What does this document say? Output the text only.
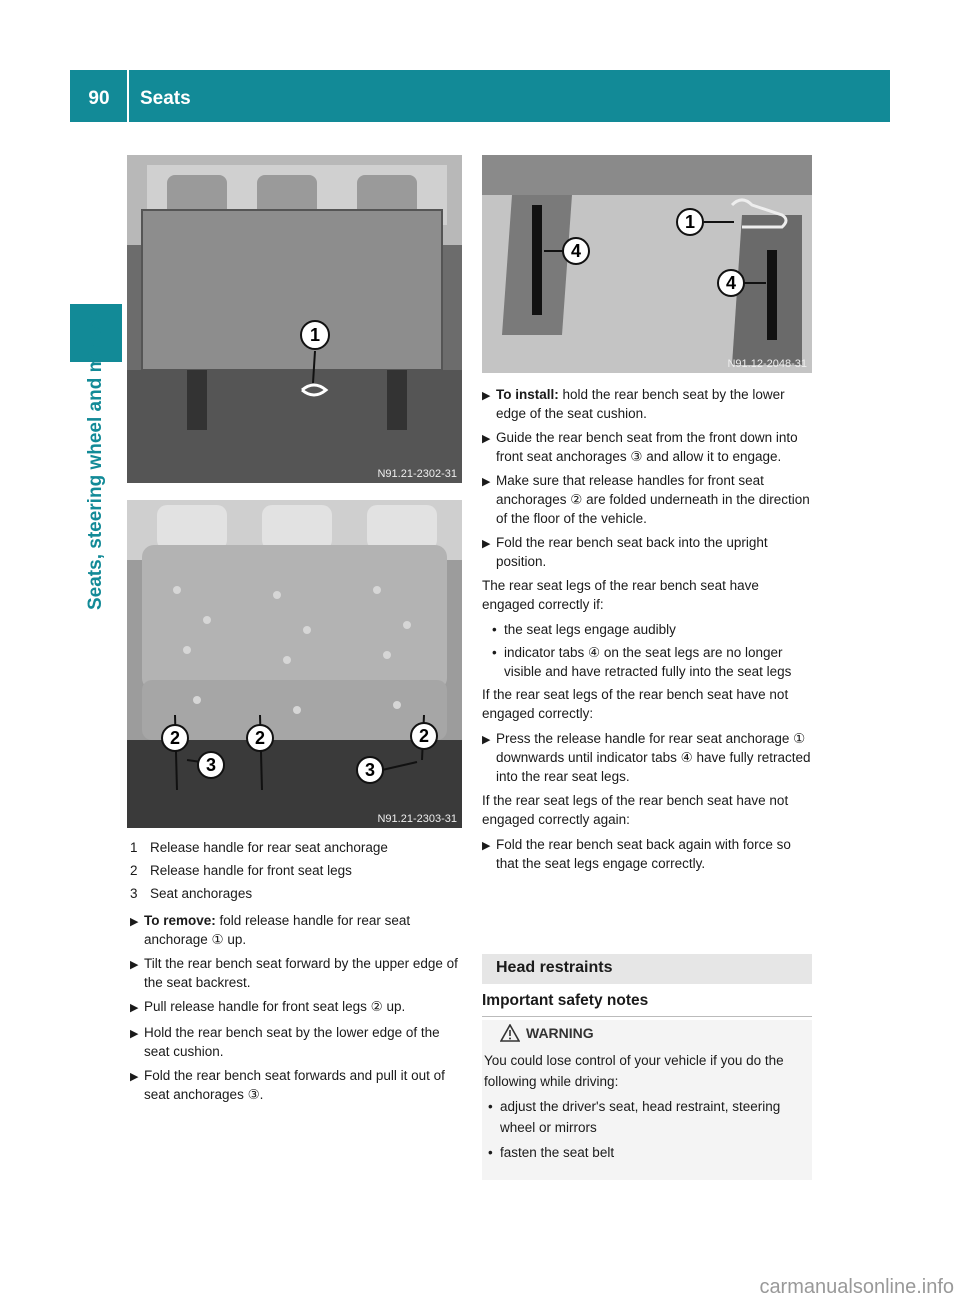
90	Seats
Seats, steering wheel and mirrors	1
N91.21-2302-31
2
3
2
3
2
N91.21-2303-31
4
1
4
N91.12-2048-31
1 Release handle for rear seat anchorage
2 Release handle for front seat legs
3 Seat anchorages
▶ To remove: fold release handle for rear seat anchorage ① up.
▶ Tilt the rear bench seat forward by the upper edge of the seat backrest.
▶ Pull release handle for front seat legs ② up.
▶ Hold the rear bench seat by the lower edge of the seat cushion.
▶ Fold the rear bench seat forwards and pull it out of seat anchorages ③.
▶ To install: hold the rear bench seat by the lower edge of the seat cushion.
▶ Guide the rear bench seat from the front down into front seat anchorages ③ and allow it to engage.
▶ Make sure that release handles for front seat anchorages ② are folded underneath in the direction of the floor of the vehicle.
▶ Fold the rear bench seat back into the upright position.

The rear seat legs of the rear bench seat have engaged correctly if:

• the seat legs engage audibly
• indicator tabs ④ on the seat legs are no longer visible and have retracted fully into the seat legs

If the rear seat legs of the rear bench seat have not engaged correctly:

▶ Press the release handle for rear seat anchorage ① downwards until indicator tabs ④ have fully retracted into the rear seat legs.

If the rear seat legs of the rear bench seat have not engaged correctly again:

▶ Fold the rear bench seat back again with force so that the seat legs engage correctly.
Head restraints
Important safety notes
WARNING

You could lose control of your vehicle if you do the following while driving:

• adjust the driver's seat, head restraint, steering wheel or mirrors
• fasten the seat belt
carmanualsonline.info
